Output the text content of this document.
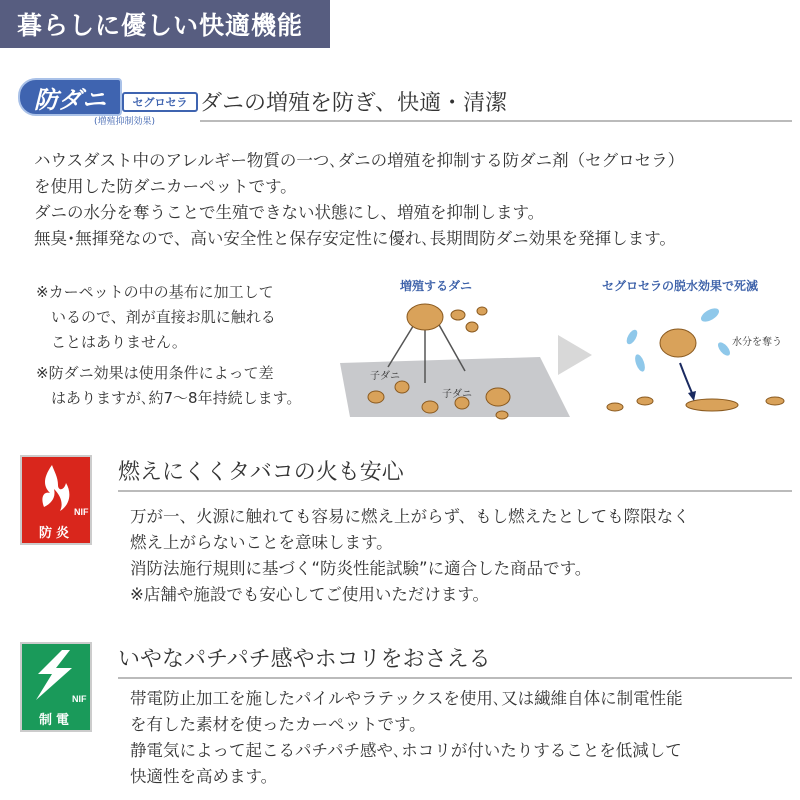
暮らしに優しい快適機能
防ダニ	セグロセラ
(増殖抑制効果)
ダニの増殖を防ぎ、快適・清潔
ハウスダスト中のアレルギー物質の一つ､ダニの増殖を抑制する防ダニ剤（セグロセラ）
を使用した防ダニカーペットです。
ダニの水分を奪うことで生殖できない状態にし、増殖を抑制します。
無臭･無揮発なので、高い安全性と保存安定性に優れ､長期間防ダニ効果を発揮します。
※カーペットの中の基布に加工して
　いるので、剤が直接お肌に触れる
　ことはありません。
※防ダニ効果は使用条件によって差
　はありますが､約7～8年持続します。
増殖するダニ	セグロセラの脱水効果で死滅
子ダニ
子ダニ
水分を奪う
NIF
防炎
燃えにくくタバコの火も安心
万が一、火源に触れても容易に燃え上がらず、もし燃えたとしても際限なく
燃え上がらないことを意味します。
消防法施行規則に基づく“防炎性能試験”に適合した商品です。
※店舗や施設でも安心してご使用いただけます。
NIF
制電
いやなパチパチ感やホコリをおさえる
帯電防止加工を施したパイルやラテックスを使用､又は繊維自体に制電性能
を有した素材を使ったカーペットです。
静電気によって起こるパチパチ感や､ホコリが付いたりすることを低減して
快適性を高めます。
